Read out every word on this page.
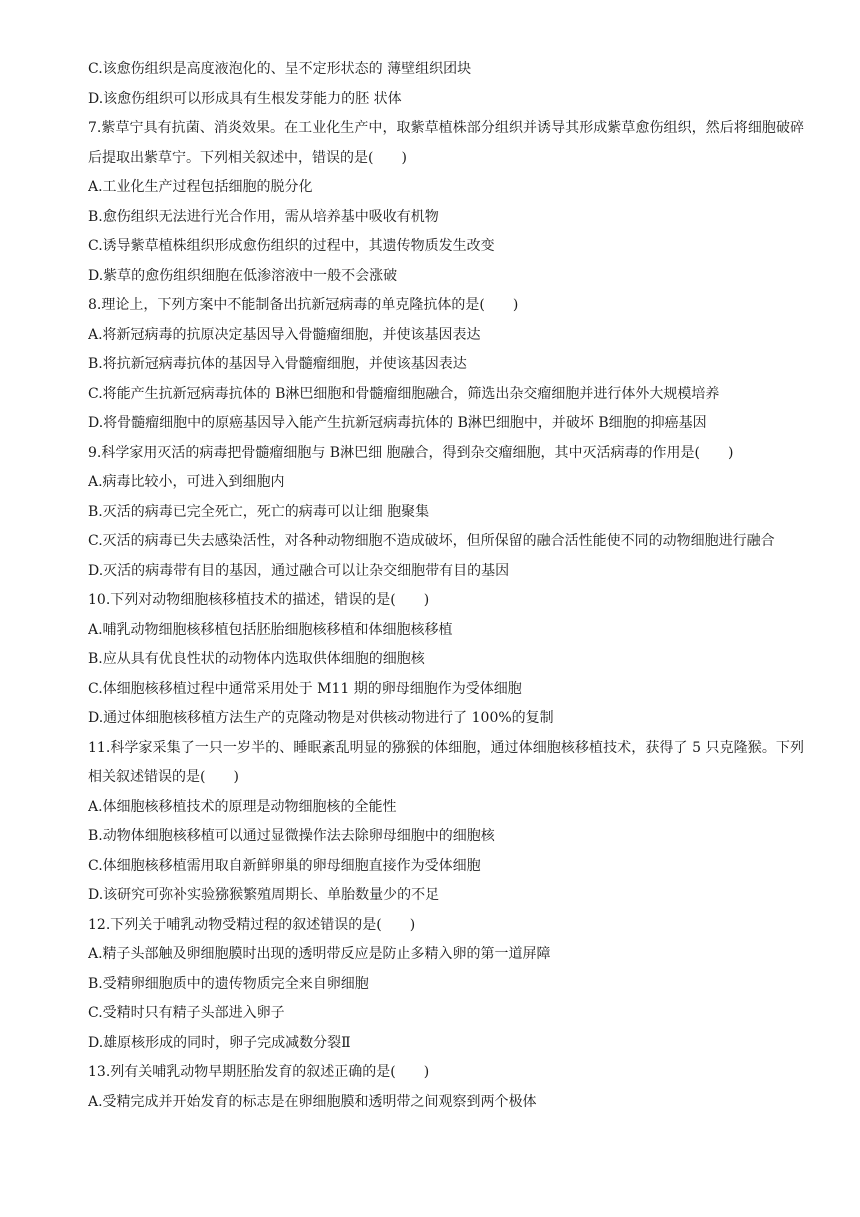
C.该愈伤组织是高度液泡化的、呈不定形状态的 薄壁组织团块
D.该愈伤组织可以形成具有生根发芽能力的胚 状体
7.紫草宁具有抗菌、消炎效果。在工业化生产中，取紫草植株部分组织并诱导其形成紫草愈伤组织，然后将细胞破碎后提取出紫草宁。下列相关叙述中，错误的是(　　)
A.工业化生产过程包括细胞的脱分化
B.愈伤组织无法进行光合作用，需从培养基中吸收有机物
C.诱导紫草植株组织形成愈伤组织的过程中，其遗传物质发生改变
D.紫草的愈伤组织细胞在低渗溶液中一般不会涨破
8.理论上，下列方案中不能制备出抗新冠病毒的单克隆抗体的是(　　)
A.将新冠病毒的抗原决定基因导入骨髓瘤细胞，并使该基因表达
B.将抗新冠病毒抗体的基因导入骨髓瘤细胞，并使该基因表达
C.将能产生抗新冠病毒抗体的 B淋巴细胞和骨髓瘤细胞融合，筛选出杂交瘤细胞并进行体外大规模培养
D.将骨髓瘤细胞中的原癌基因导入能产生抗新冠病毒抗体的 B淋巴细胞中，并破坏 B细胞的抑癌基因
9.科学家用灭活的病毒把骨髓瘤细胞与 B淋巴细 胞融合，得到杂交瘤细胞，其中灭活病毒的作用是(　　)
A.病毒比较小，可进入到细胞内
B.灭活的病毒已完全死亡，死亡的病毒可以让细 胞聚集
C.灭活的病毒已失去感染活性，对各种动物细胞不造成破坏，但所保留的融合活性能使不同的动物细胞进行融合
D.灭活的病毒带有目的基因，通过融合可以让杂交细胞带有目的基因
10.下列对动物细胞核移植技术的描述，错误的是(　　)
A.哺乳动物细胞核移植包括胚胎细胞核移植和体细胞核移植
B.应从具有优良性状的动物体内选取供体细胞的细胞核
C.体细胞核移植过程中通常采用处于 M11 期的卵母细胞作为受体细胞
D.通过体细胞核移植方法生产的克隆动物是对供核动物进行了 100%的复制
11.科学家采集了一只一岁半的、睡眠紊乱明显的猕猴的体细胞，通过体细胞核移植技术，获得了 5 只克隆猴。下列相关叙述错误的是(　　)
A.体细胞核移植技术的原理是动物细胞核的全能性
B.动物体细胞核移植可以通过显微操作法去除卵母细胞中的细胞核
C.体细胞核移植需用取自新鲜卵巢的卵母细胞直接作为受体细胞
D.该研究可弥补实验猕猴繁殖周期长、单胎数量少的不足
12.下列关于哺乳动物受精过程的叙述错误的是(　　)
A.精子头部触及卵细胞膜时出现的透明带反应是防止多精入卵的第一道屏障
B.受精卵细胞质中的遗传物质完全来自卵细胞
C.受精时只有精子头部进入卵子
D.雄原核形成的同时，卵子完成减数分裂Ⅱ
13.列有关哺乳动物早期胚胎发育的叙述正确的是(　　)
A.受精完成并开始发育的标志是在卵细胞膜和透明带之间观察到两个极体
